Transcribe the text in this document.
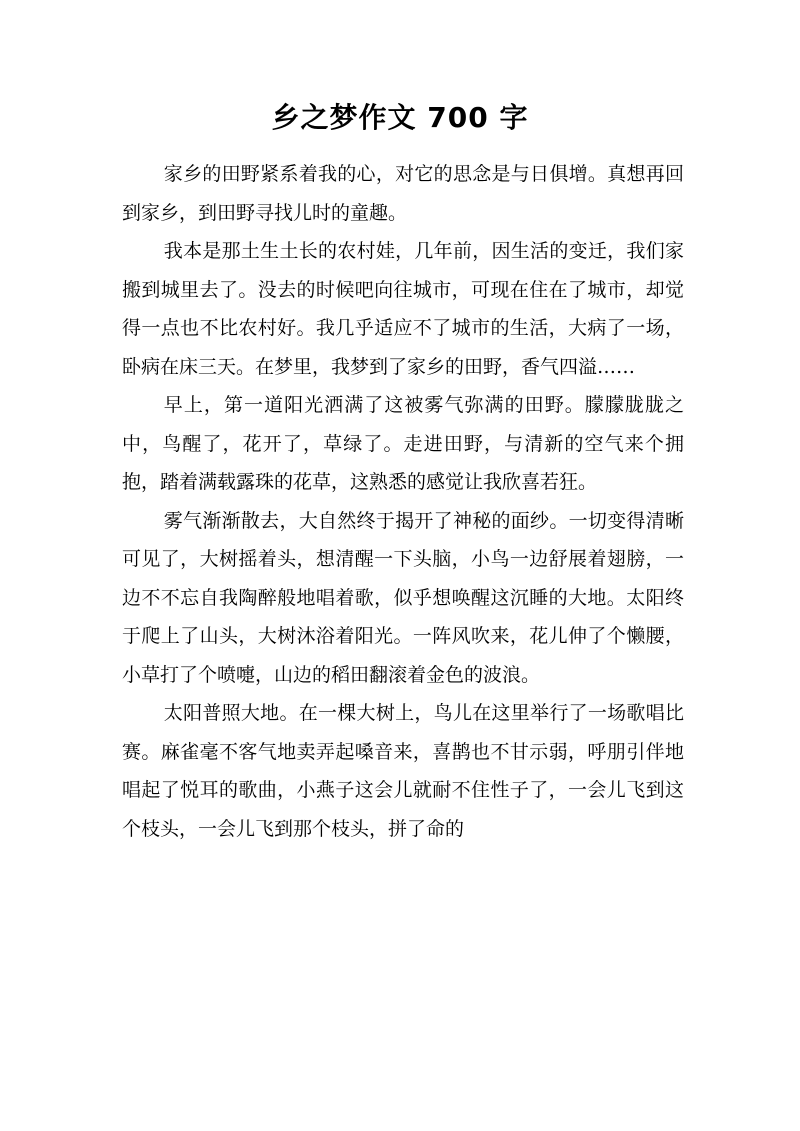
乡之梦作文 700 字

家乡的田野紧系着我的心，对它的思念是与日俱增。真想再回到家乡，到田野寻找儿时的童趣。

我本是那土生土长的农村娃，几年前，因生活的变迁，我们家搬到城里去了。没去的时候吧向往城市，可现在住在了城市，却觉得一点也不比农村好。我几乎适应不了城市的生活，大病了一场，卧病在床三天。在梦里，我梦到了家乡的田野，香气四溢……

早上，第一道阳光洒满了这被雾气弥满的田野。朦朦胧胧之中，鸟醒了，花开了，草绿了。走进田野，与清新的空气来个拥抱，踏着满载露珠的花草，这熟悉的感觉让我欣喜若狂。

雾气渐渐散去，大自然终于揭开了神秘的面纱。一切变得清晰可见了，大树摇着头，想清醒一下头脑，小鸟一边舒展着翅膀，一边不不忘自我陶醉般地唱着歌，似乎想唤醒这沉睡的大地。太阳终于爬上了山头，大树沐浴着阳光。一阵风吹来，花儿伸了个懒腰，小草打了个喷嚏，山边的稻田翻滚着金色的波浪。

太阳普照大地。在一棵大树上，鸟儿在这里举行了一场歌唱比赛。麻雀毫不客气地卖弄起嗓音来，喜鹊也不甘示弱，呼朋引伴地唱起了悦耳的歌曲，小燕子这会儿就耐不住性子了，一会儿飞到这个枝头，一会儿飞到那个枝头，拼了命的
